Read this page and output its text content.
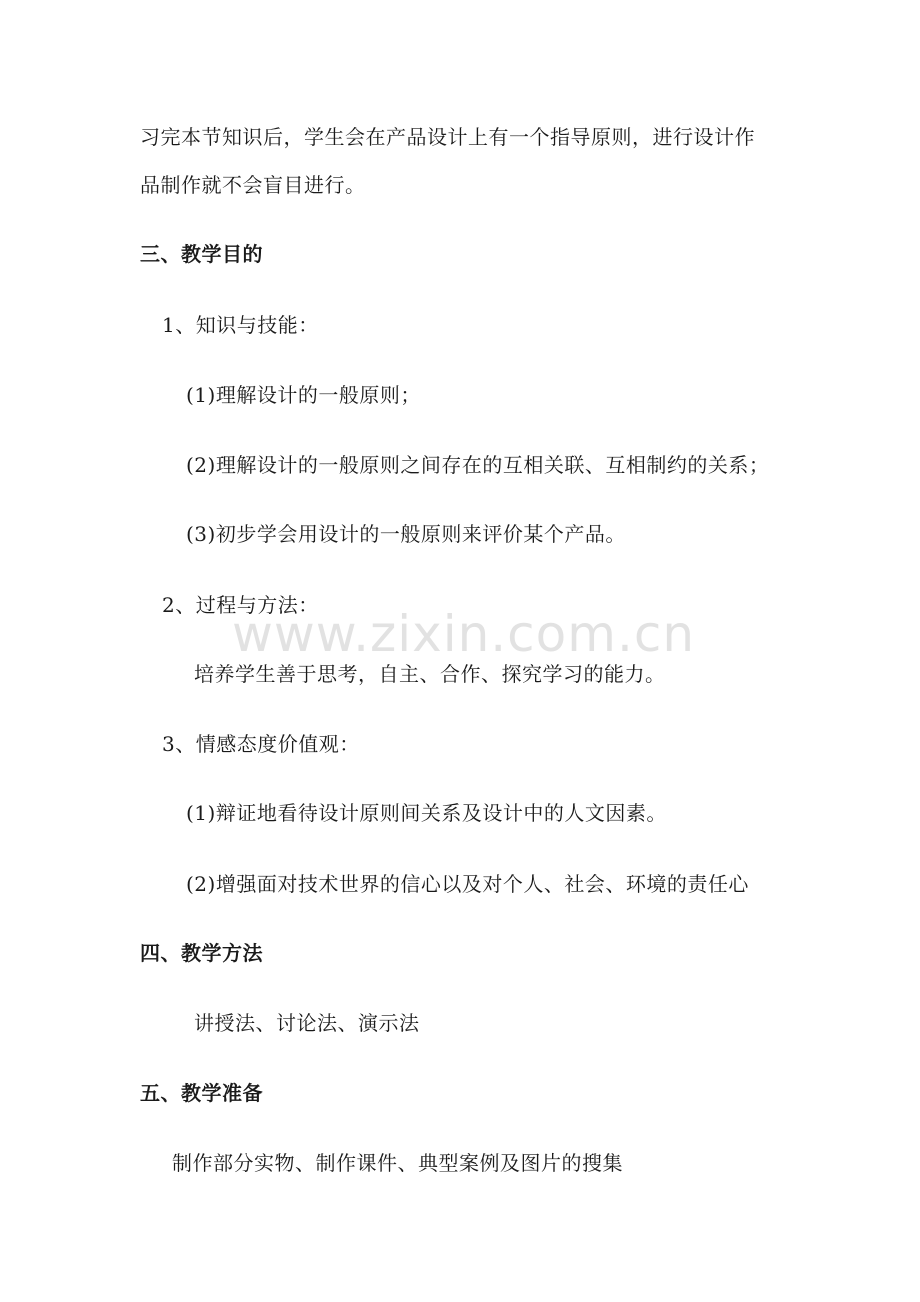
习完本节知识后，学生会在产品设计上有一个指导原则，进行设计作
品制作就不会盲目进行。
三、教学目的
1、知识与技能：
(1)理解设计的一般原则；
(2)理解设计的一般原则之间存在的互相关联、互相制约的关系；
(3)初步学会用设计的一般原则来评价某个产品。
2、过程与方法：
培养学生善于思考，自主、合作、探究学习的能力。
3、情感态度价值观：
(1)辩证地看待设计原则间关系及设计中的人文因素。
(2)增强面对技术世界的信心以及对个人、社会、环境的责任心
四、教学方法
讲授法、讨论法、演示法
五、教学准备
制作部分实物、制作课件、典型案例及图片的搜集
www.zixin.com.cn
